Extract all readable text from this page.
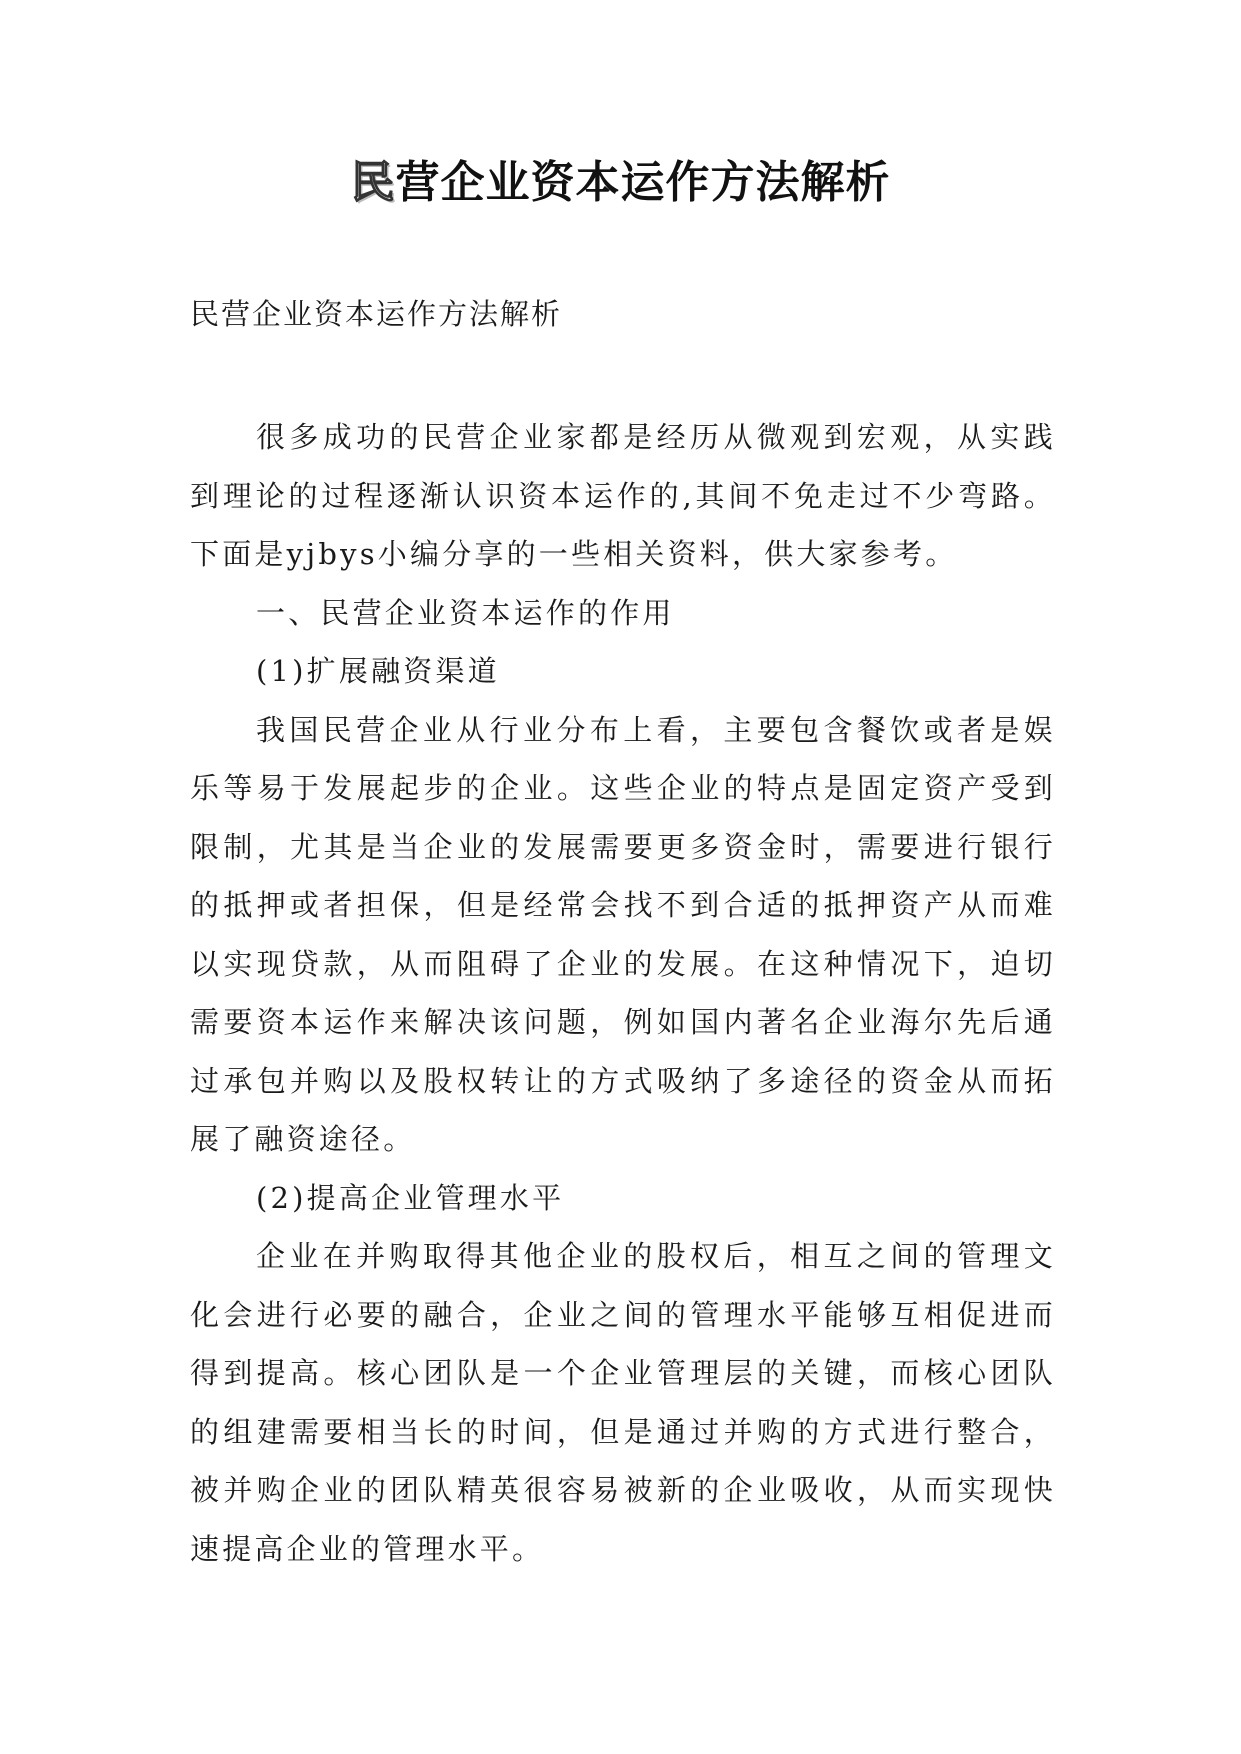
民营企业资本运作方法解析

民营企业资本运作方法解析

很多成功的民营企业家都是经历从微观到宏观，从实践到理论的过程逐渐认识资本运作的,其间不免走过不少弯路。下面是yjbys小编分享的一些相关资料，供大家参考。

一、民营企业资本运作的作用

(1)扩展融资渠道

我国民营企业从行业分布上看，主要包含餐饮或者是娱乐等易于发展起步的企业。这些企业的特点是固定资产受到限制，尤其是当企业的发展需要更多资金时，需要进行银行的抵押或者担保，但是经常会找不到合适的抵押资产从而难以实现贷款，从而阻碍了企业的发展。在这种情况下，迫切需要资本运作来解决该问题，例如国内著名企业海尔先后通过承包并购以及股权转让的方式吸纳了多途径的资金从而拓展了融资途径。

(2)提高企业管理水平

企业在并购取得其他企业的股权后，相互之间的管理文化会进行必要的融合，企业之间的管理水平能够互相促进而得到提高。核心团队是一个企业管理层的关键，而核心团队的组建需要相当长的时间，但是通过并购的方式进行整合，被并购企业的团队精英很容易被新的企业吸收，从而实现快速提高企业的管理水平。
